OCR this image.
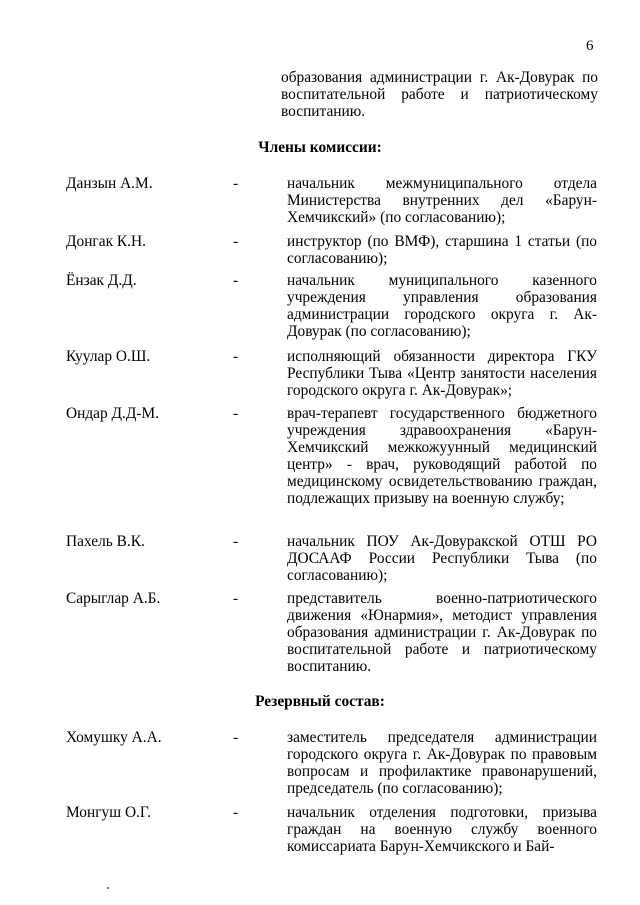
6
образования администрации г. Ак-Довурак по воспитательной работе и патриотическому воспитанию.
Члены комиссии:
Данзын А.М.	-	начальник межмуниципального отдела Министерства внутренних дел «Барун-Хемчикский» (по согласованию);
Донгак К.Н.	-	инструктор (по ВМФ), старшина 1 статьи (по согласованию);
Ёнзак Д.Д.	-	начальник муниципального казенного учреждения управления образования администрации городского округа г. Ак-Довурак (по согласованию);
Куулар О.Ш.	-	исполняющий обязанности директора ГКУ Республики Тыва «Центр занятости населения городского округа г. Ак-Довурак»;
Ондар Д.Д-М.	-	врач-терапевт государственного бюджетного учреждения здравоохранения «Барун-Хемчикский межкожуунный медицинский центр» - врач, руководящий работой по медицинскому освидетельствованию граждан, подлежащих призыву на военную службу;
Пахель В.К.	-	начальник ПОУ Ак-Довуракской ОТШ РО ДОСААФ России Республики Тыва (по согласованию);
Сарыглар А.Б.	-	представитель военно-патриотического движения «Юнармия», методист управления образования администрации г. Ак-Довурак по воспитательной работе и патриотическому воспитанию.
Резервный состав:
Хомушку А.А.	-	заместитель председателя администрации городского округа г. Ак-Довурак по правовым вопросам и профилактике правонарушений, председатель (по согласованию);
Монгуш О.Г.	-	начальник отделения подготовки, призыва граждан на военную службу военного комиссариата Барун-Хемчикского и Бай-
